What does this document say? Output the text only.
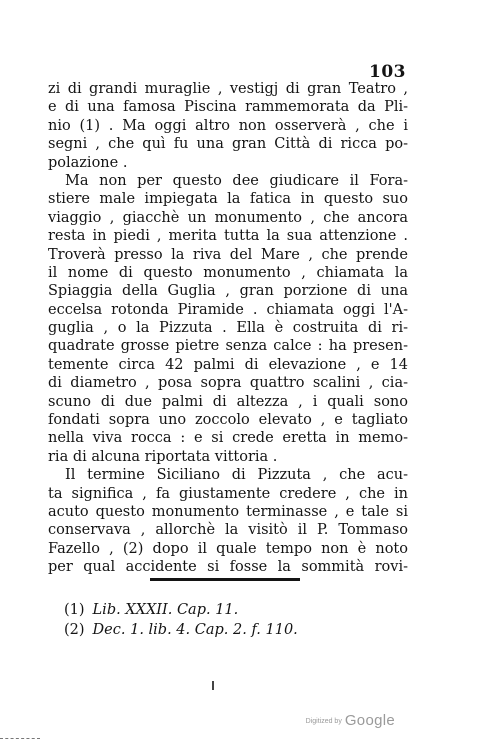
103
zi di grandi muraglie , vestigj di gran Teatro ,
e di una famosa Piscina rammemorata da Pli-
nio (1) . Ma oggi altro non osserverà , che i
segni , che quì fu una gran Città di ricca po-
polazione .
Ma non per questo dee giudicare il Fora-
stiere male impiegata la fatica in questo suo
viaggio , giacchè un monumento , che ancora
resta in piedi , merita tutta la sua attenzione .
Troverà presso la riva del Mare , che prende
il nome di questo monumento , chiamata la
Spiaggia della Guglia , gran porzione di una
eccelsa rotonda Piramide . chiamata oggi l'A-
guglia , o la Pizzuta . Ella è costruita di ri-
quadrate grosse pietre senza calce : ha presen-
temente circa 42 palmi di elevazione , e 14
di diametro , posa sopra quattro scalini , cia-
scuno di due palmi di altezza , i quali sono
fondati sopra uno zoccolo elevato , e tagliato
nella viva rocca : e si crede eretta in memo-
ria di alcuna riportata vittoria .
Il termine Siciliano di Pizzuta , che acu-
ta significa , fa giustamente credere , che in
acuto questo monumento terminasse , e tale si
conservava , allorchè la visitò il P. Tommaso
Fazello , (2) dopo il quale tempo non è noto
per qual accidente si fosse la sommità rovi-
(1) Lib. XXXII. Cap. 11.
(2) Dec. 1. lib. 4. Cap. 2. f. 110.
Digitized by Google
